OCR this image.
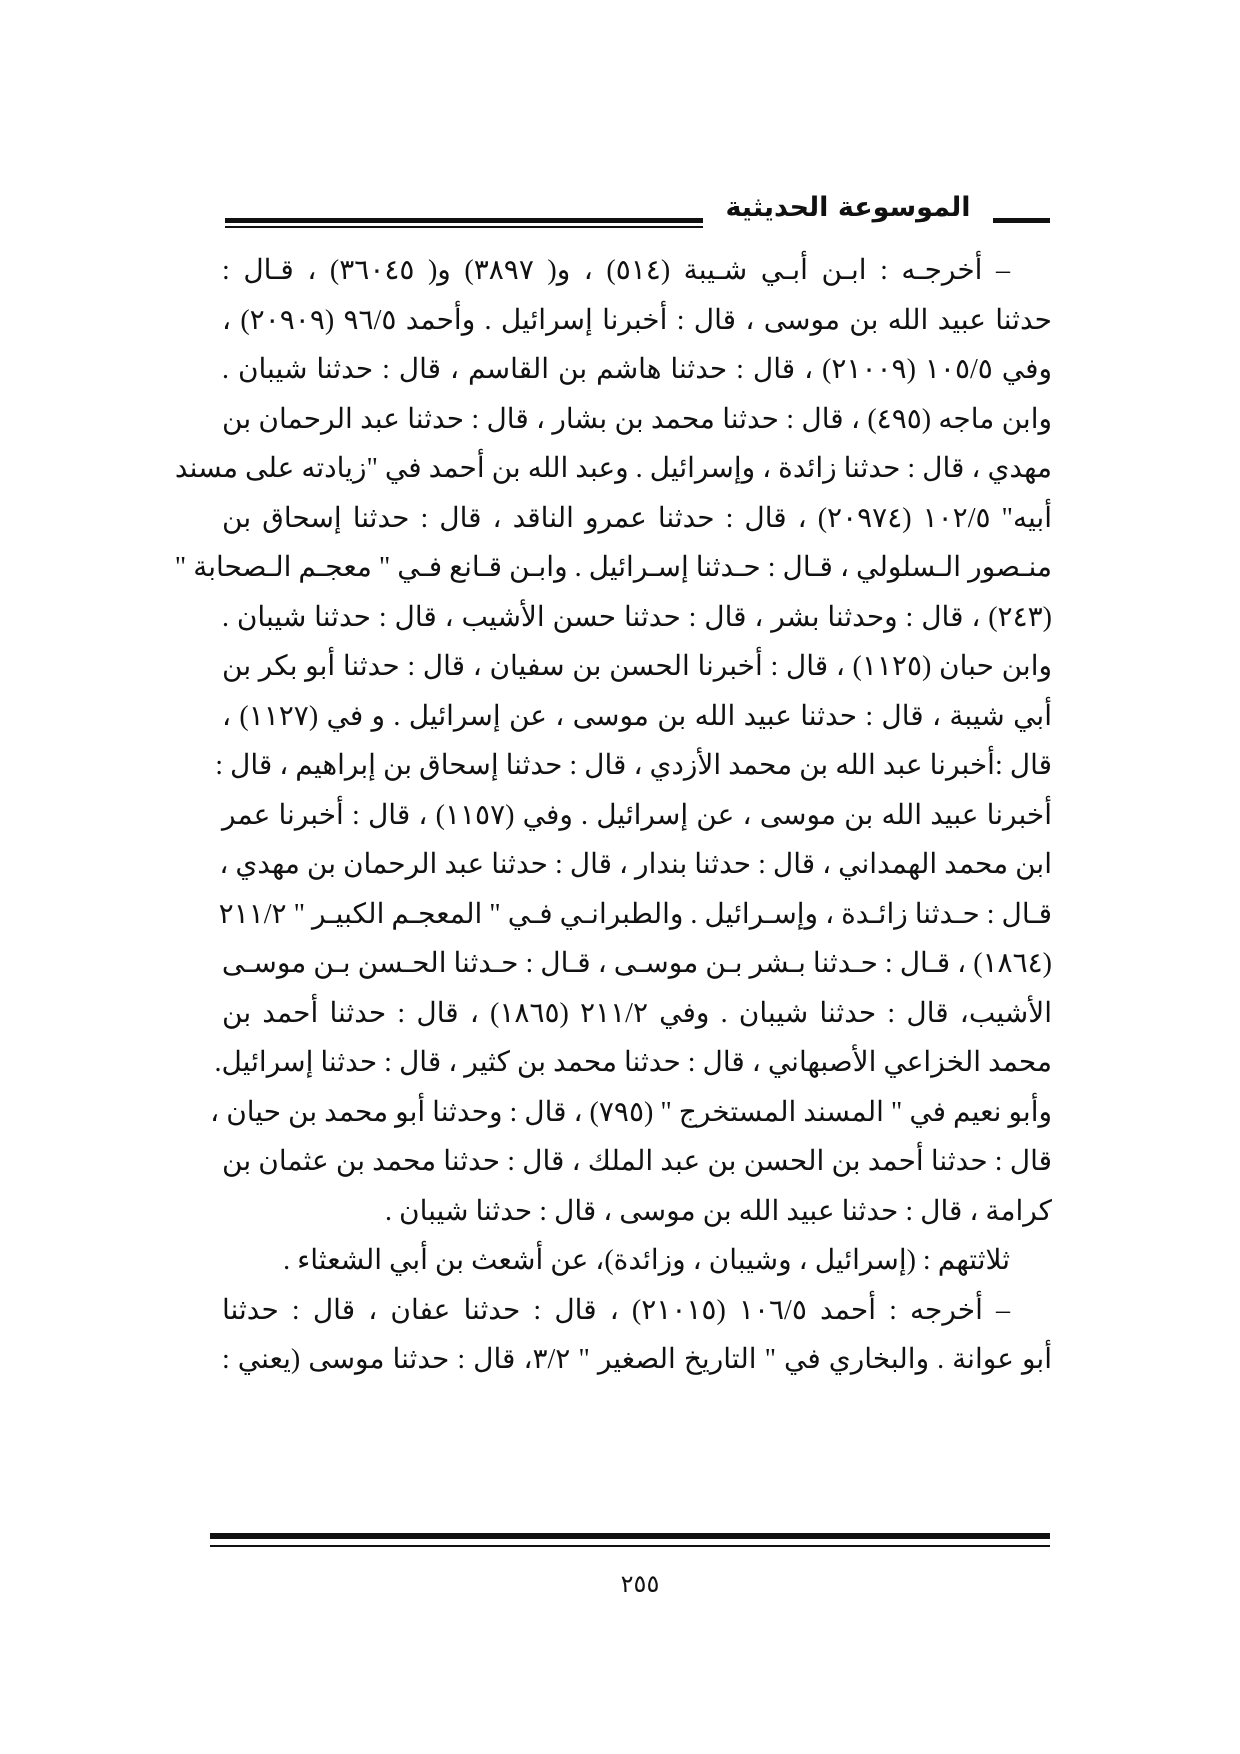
الموسوعة الحديثية
– أخرجـه : ابـن أبـي شـيبة (٥١٤) ، و( ٣٨٩٧) و( ٣٦٠٤٥) ، قـال :
حدثنا عبيد الله بن موسى ، قال : أخبرنا إسرائيل . وأحمد ٩٦/٥ (٢٠٩٠٩) ،
وفي ١٠٥/٥ (٢١٠٠٩) ، قال : حدثنا هاشم بن القاسم ، قال : حدثنا شيبان .
وابن ماجه (٤٩٥) ، قال : حدثنا محمد بن بشار ، قال : حدثنا عبد الرحمان بن
مهدي ، قال : حدثنا زائدة ، وإسرائيل . وعبد الله بن أحمد في "زيادته على مسند
أبيه" ١٠٢/٥ (٢٠٩٧٤) ، قال : حدثنا عمرو الناقد ، قال : حدثنا إسحاق بن
منـصور الـسلولي ، قـال : حـدثنا إسـرائيل . وابـن قـانع فـي " معجـم الـصحابة "
(٢٤٣) ، قال : وحدثنا بشر ، قال : حدثنا حسن الأشيب ، قال : حدثنا شيبان .
وابن حبان (١١٢٥) ، قال : أخبرنا الحسن بن سفيان ، قال : حدثنا أبو بكر بن
أبي شيبة ، قال : حدثنا عبيد الله بن موسى ، عن إسرائيل . و في (١١٢٧) ،
قال :أخبرنا عبد الله بن محمد الأزدي ، قال : حدثنا إسحاق بن إبراهيم ، قال :
أخبرنا عبيد الله بن موسى ، عن إسرائيل . وفي (١١٥٧) ، قال : أخبرنا عمر
ابن محمد الهمداني ، قال : حدثنا بندار ، قال : حدثنا عبد الرحمان بن مهدي ،
قـال : حـدثنا زائـدة ، وإسـرائيل . والطبرانـي فـي " المعجـم الكبيـر " ٢١١/٢
(١٨٦٤) ، قـال : حـدثنا بـشر بـن موسـى ، قـال : حـدثنا الحـسن بـن موسـى
الأشيب، قال : حدثنا شيبان . وفي ٢١١/٢ (١٨٦٥) ، قال : حدثنا أحمد بن
محمد الخزاعي الأصبهاني ، قال : حدثنا محمد بن كثير ، قال : حدثنا إسرائيل.
وأبو نعيم في " المسند المستخرج " (٧٩٥) ، قال : وحدثنا أبو محمد بن حيان ،
قال : حدثنا أحمد بن الحسن بن عبد الملك ، قال : حدثنا محمد بن عثمان بن
كرامة ، قال : حدثنا عبيد الله بن موسى ، قال : حدثنا شيبان .
ثلاثتهم : (إسرائيل ، وشيبان ، وزائدة)، عن أشعث بن أبي الشعثاء .
– أخرجه : أحمد ١٠٦/٥ (٢١٠١٥) ، قال : حدثنا عفان ، قال : حدثنا
أبو عوانة . والبخاري في " التاريخ الصغير " ٣/٢، قال : حدثنا موسى (يعني :
٢٥٥
